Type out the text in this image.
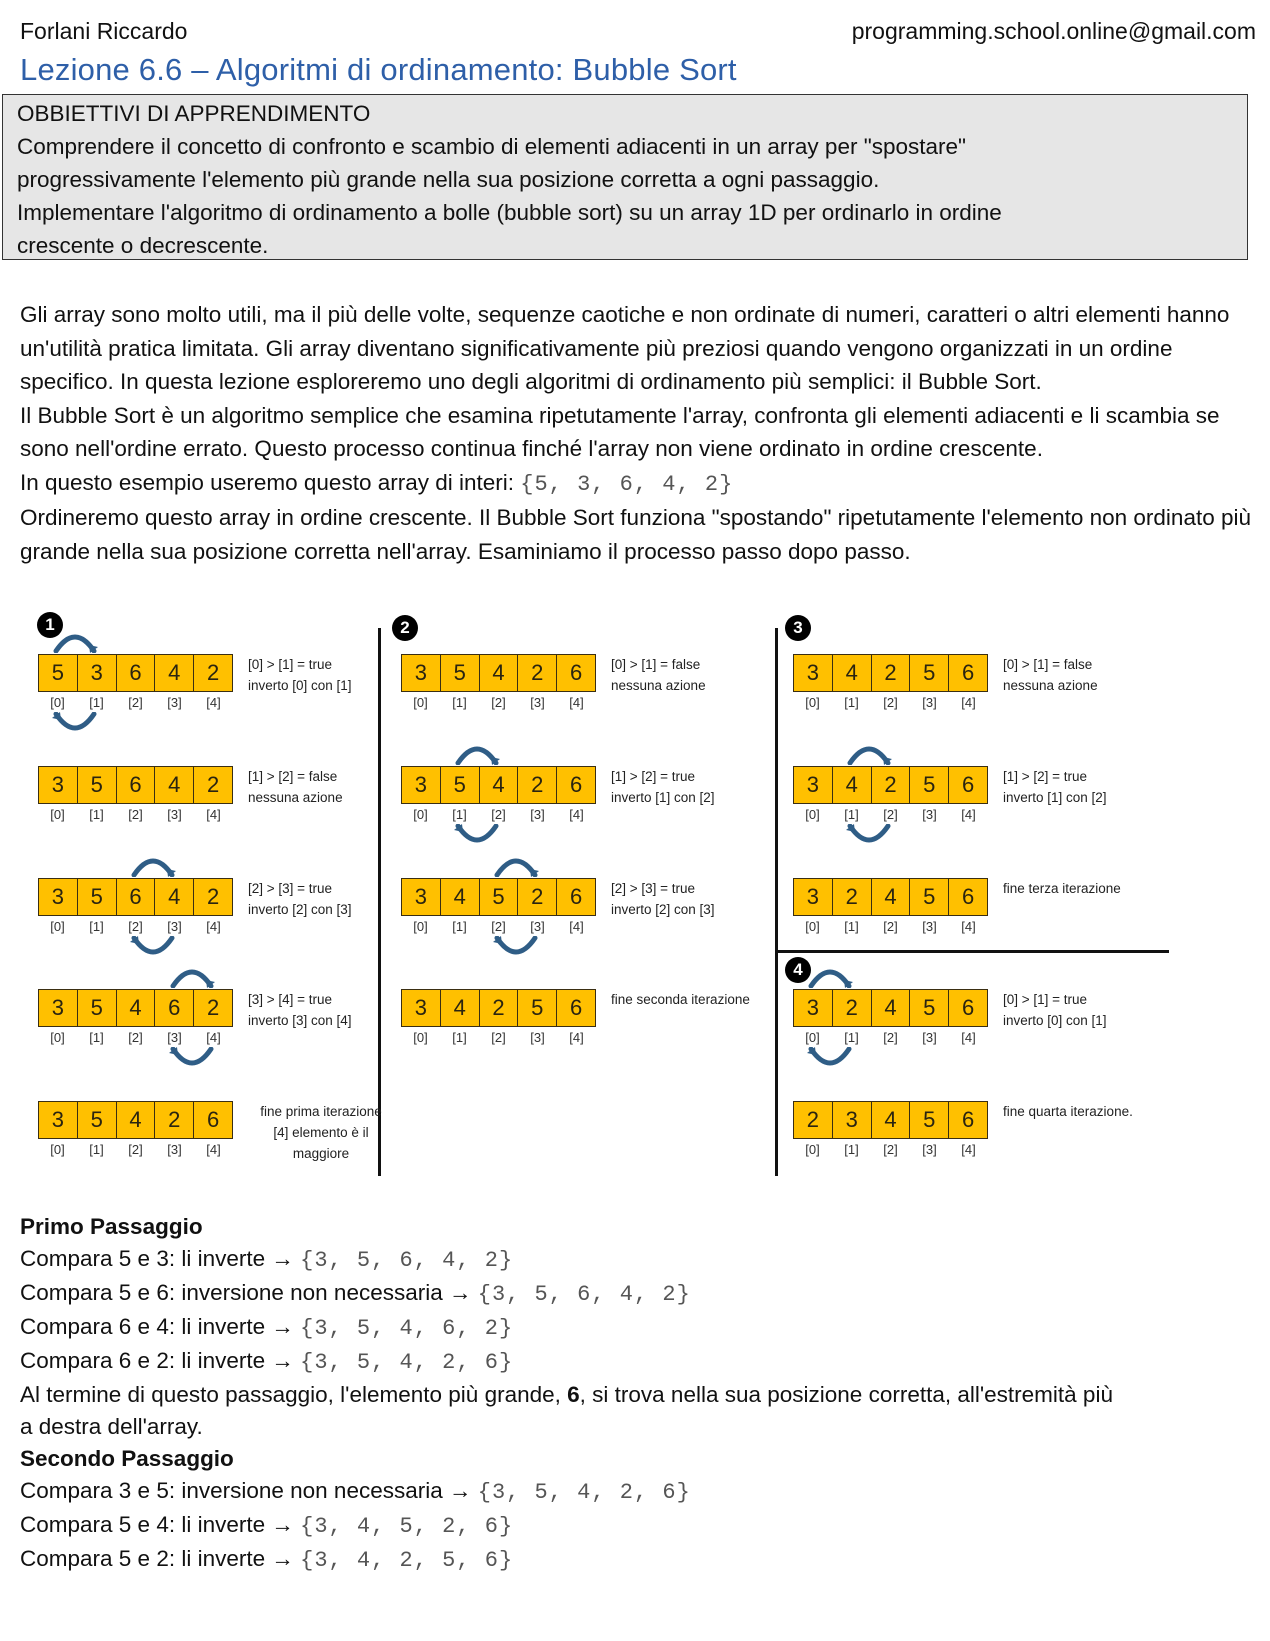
Forlani Riccardo	programming.school.online@gmail.com
Lezione 6.6 – Algoritmi di ordinamento: Bubble Sort
OBBIETTIVI DI APPRENDIMENTO
Comprendere il concetto di confronto e scambio di elementi adiacenti in un array per "spostare"
progressivamente l'elemento più grande nella sua posizione corretta a ogni passaggio.
Implementare l'algoritmo di ordinamento a bolle (bubble sort) su un array 1D per ordinarlo in ordine
crescente o decrescente.

Gli array sono molto utili, ma il più delle volte, sequenze caotiche e non ordinate di numeri, caratteri o altri elementi hanno un'utilità pratica limitata. Gli array diventano significativamente più preziosi quando vengono organizzati in un ordine specifico. In questa lezione esploreremo uno degli algoritmi di ordinamento più semplici: il Bubble Sort.

Il Bubble Sort è un algoritmo semplice che esamina ripetutamente l'array, confronta gli elementi adiacenti e li scambia se sono nell'ordine errato. Questo processo continua finché l'array non viene ordinato in ordine crescente.

In questo esempio useremo questo array di interi: {5, 3, 6, 4, 2}

Ordineremo questo array in ordine crescente. Il Bubble Sort funziona "spostando" ripetutamente l'elemento non ordinato più grande nella sua posizione corretta nell'array. Esaminiamo il processo passo dopo passo.

1
5	3	6	4	2
[0]	[1]	[2]	[3]	[4]
[0] > [1] = true
inverto [0] con [1]
3	5	6	4	2
[0]	[1]	[2]	[3]	[4]
[1] > [2] = false
nessuna azione
3	5	6	4	2
[0]	[1]	[2]	[3]	[4]
[2] > [3] = true
inverto [2] con [3]
3	5	4	6	2
[0]	[1]	[2]	[3]	[4]
[3] > [4] = true
inverto [3] con [4]
3	5	4	2	6
[0]	[1]	[2]	[3]	[4]
fine prima iterazione
[4] elemento è il
maggiore
2
3	5	4	2	6
[0]	[1]	[2]	[3]	[4]
[0] > [1] = false
nessuna azione
3	5	4	2	6
[0]	[1]	[2]	[3]	[4]
[1] > [2] = true
inverto [1] con [2]
3	4	5	2	6
[0]	[1]	[2]	[3]	[4]
[2] > [3] = true
inverto [2] con [3]
3	4	2	5	6
[0]	[1]	[2]	[3]	[4]
fine seconda iterazione
3
3	4	2	5	6
[0]	[1]	[2]	[3]	[4]
[0] > [1] = false
nessuna azione
3	4	2	5	6
[0]	[1]	[2]	[3]	[4]
[1] > [2] = true
inverto [1] con [2]
3	2	4	5	6
[0]	[1]	[2]	[3]	[4]
fine terza iterazione
4
3	2	4	5	6
[0]	[1]	[2]	[3]	[4]
[0] > [1] = true
inverto [0] con [1]
2	3	4	5	6
[0]	[1]	[2]	[3]	[4]
fine quarta iterazione.
Primo Passaggio
Compara 5 e 3: li inverte → {3, 5, 6, 4, 2}
Compara 5 e 6: inversione non necessaria → {3, 5, 6, 4, 2}
Compara 6 e 4: li inverte → {3, 5, 4, 6, 2}
Compara 6 e 2: li inverte → {3, 5, 4, 2, 6}
Al termine di questo passaggio, l'elemento più grande, 6, si trova nella sua posizione corretta, all'estremità più
a destra dell'array.
Secondo Passaggio
Compara 3 e 5: inversione non necessaria → {3, 5, 4, 2, 6}
Compara 5 e 4: li inverte → {3, 4, 5, 2, 6}
Compara 5 e 2: li inverte → {3, 4, 2, 5, 6}
